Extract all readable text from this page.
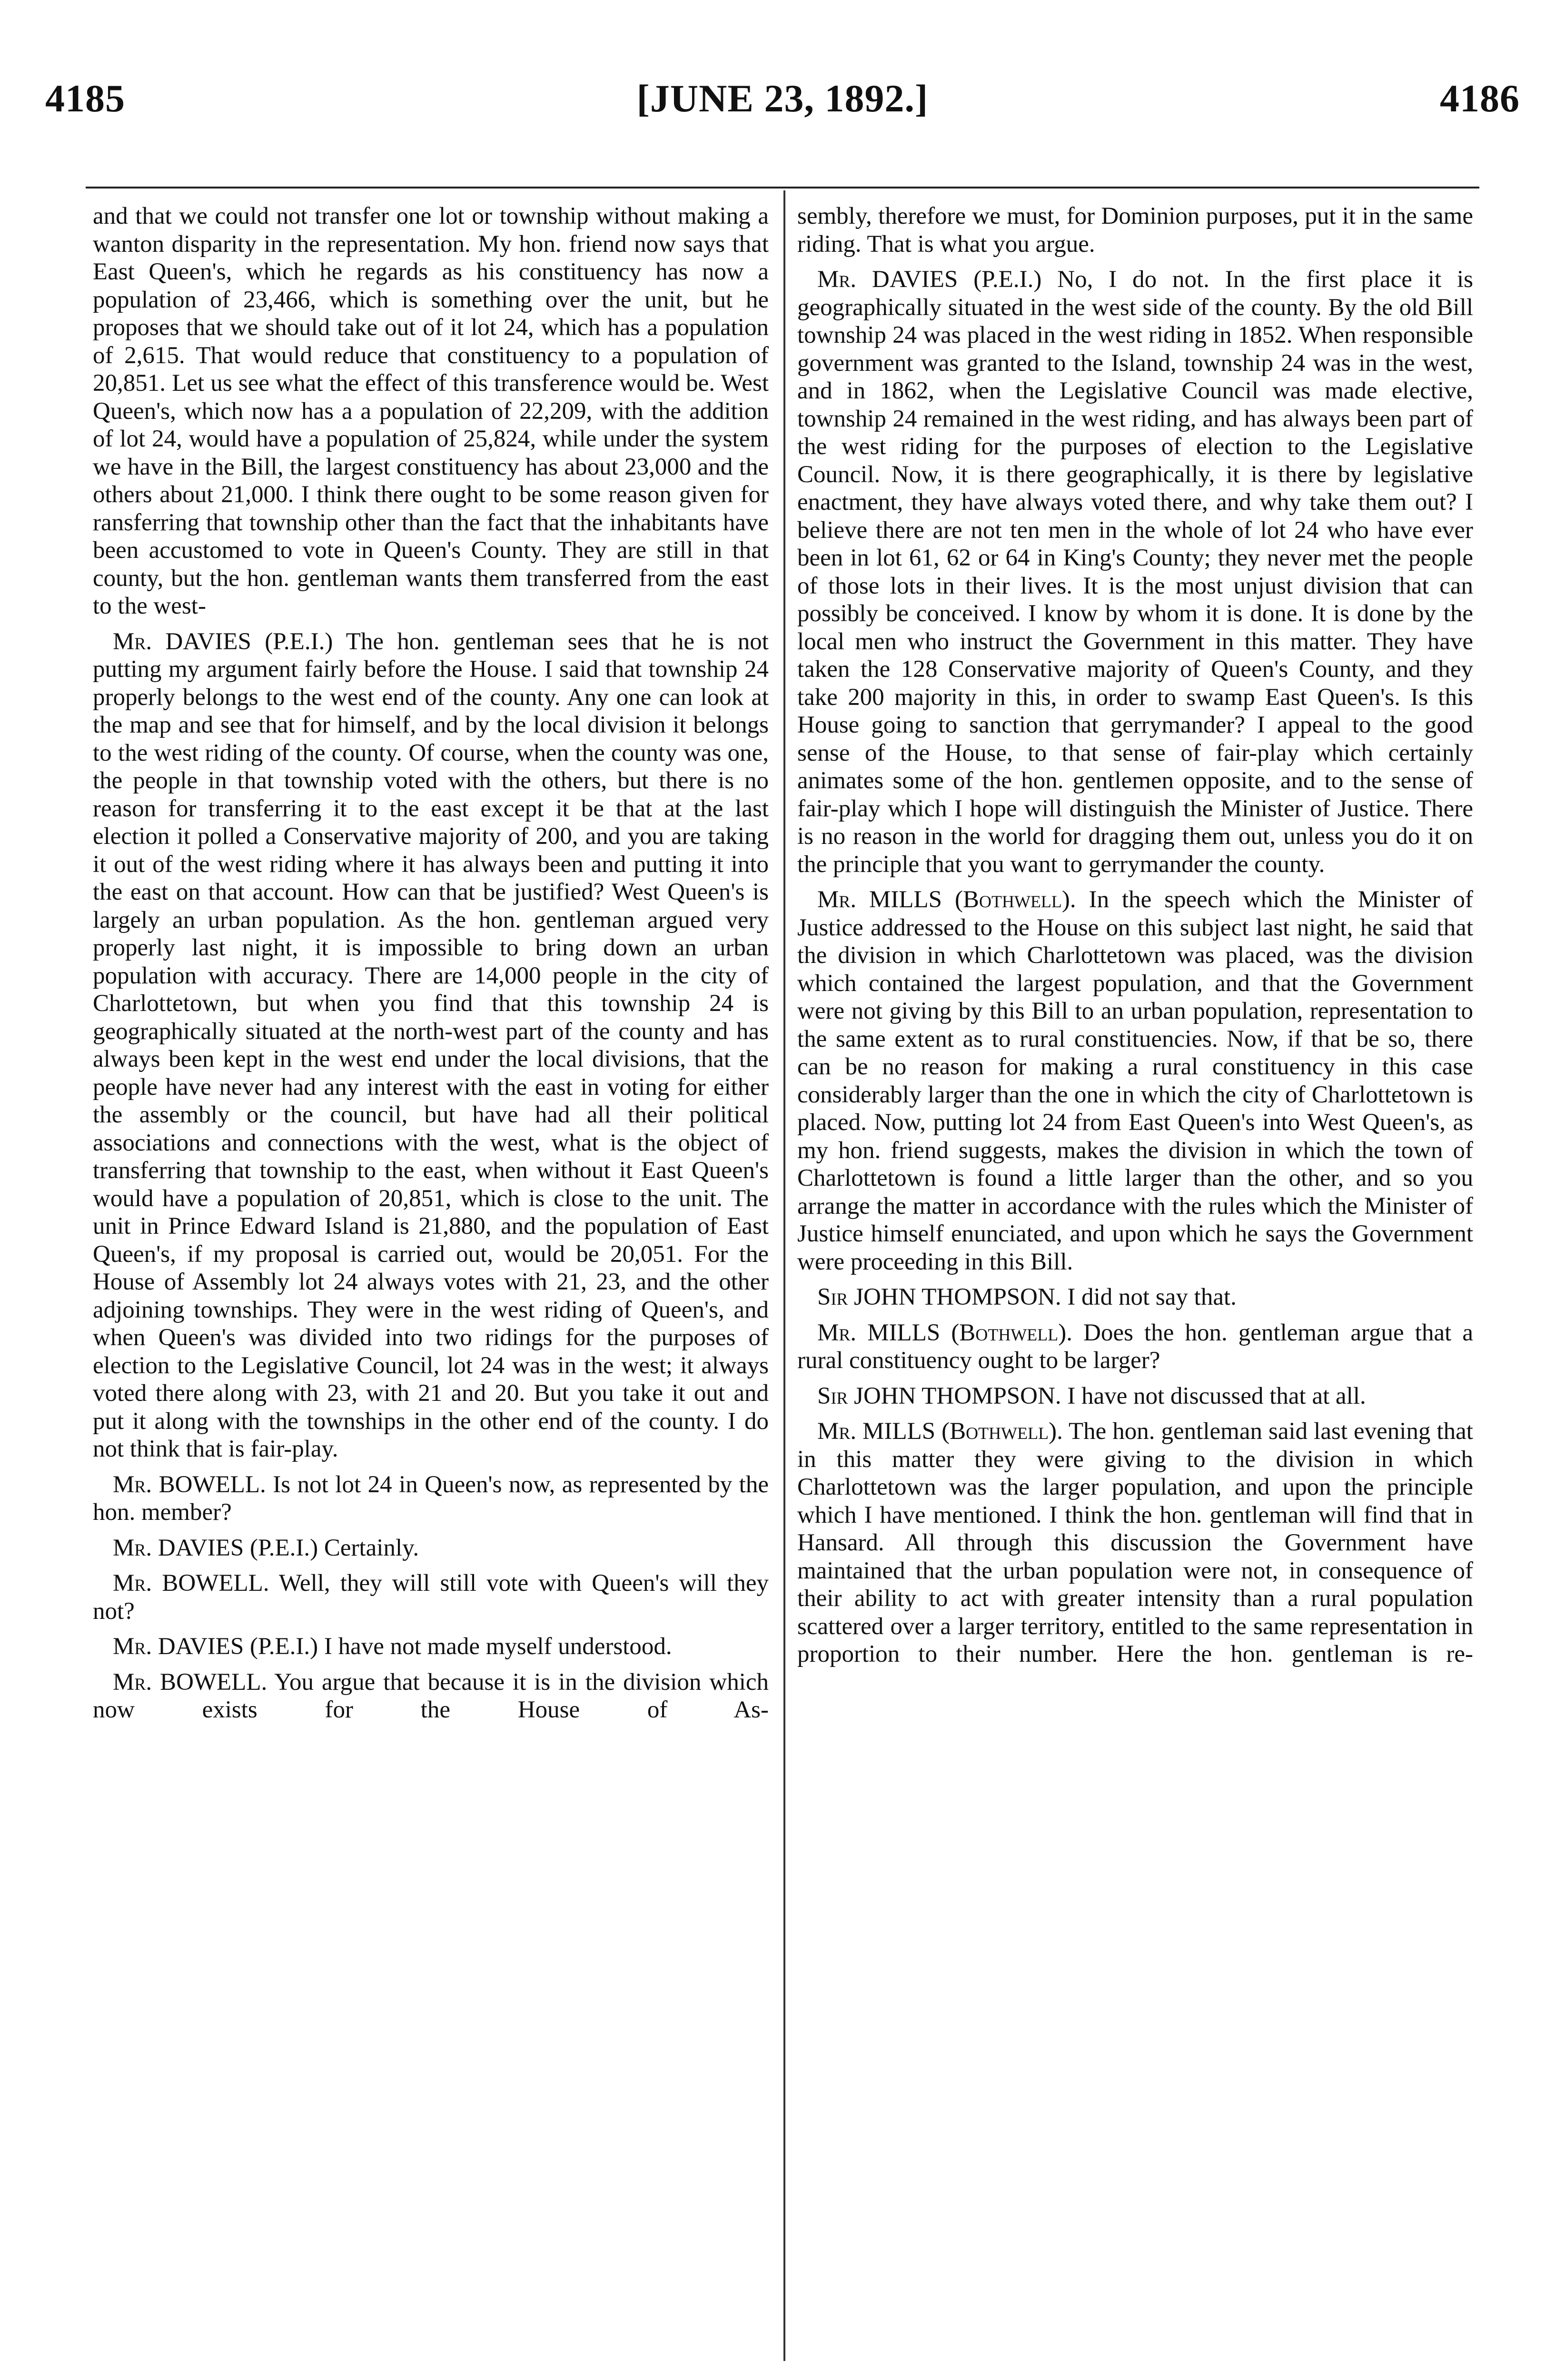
4185	[JUNE 23, 1892.]	4186

and that we could not transfer one lot or township without making a wanton disparity in the representation. My hon. friend now says that East Queen's, which he regards as his constituency has now a population of 23,466, which is something over the unit, but he proposes that we should take out of it lot 24, which has a population of 2,615. That would reduce that constituency to a population of 20,851. Let us see what the effect of this transference would be. West Queen's, which now has a a population of 22,209, with the addition of lot 24, would have a population of 25,824, while under the system we have in the Bill, the largest constituency has about 23,000 and the others about 21,000. I think there ought to be some reason given for ransferring that township other than the fact that the inhabitants have been accustomed to vote in Queen's County. They are still in that county, but the hon. gentleman wants them transferred from the east to the west-

Mr. DAVIES (P.E.I.) The hon. gentleman sees that he is not putting my argument fairly before the House. I said that township 24 properly belongs to the west end of the county. Any one can look at the map and see that for himself, and by the local division it belongs to the west riding of the county. Of course, when the county was one, the people in that township voted with the others, but there is no reason for transferring it to the east except it be that at the last election it polled a Conservative majority of 200, and you are taking it out of the west riding where it has always been and putting it into the east on that account. How can that be justified? West Queen's is largely an urban population. As the hon. gentleman argued very properly last night, it is impossible to bring down an urban population with accuracy. There are 14,000 people in the city of Charlottetown, but when you find that this township 24 is geographically situated at the north-west part of the county and has always been kept in the west end under the local divisions, that the people have never had any interest with the east in voting for either the assembly or the council, but have had all their political associations and connections with the west, what is the object of transferring that township to the east, when without it East Queen's would have a population of 20,851, which is close to the unit. The unit in Prince Edward Island is 21,880, and the population of East Queen's, if my proposal is carried out, would be 20,051. For the House of Assembly lot 24 always votes with 21, 23, and the other adjoining townships. They were in the west riding of Queen's, and when Queen's was divided into two ridings for the purposes of election to the Legislative Council, lot 24 was in the west; it always voted there along with 23, with 21 and 20. But you take it out and put it along with the townships in the other end of the county. I do not think that is fair-play.

Mr. BOWELL. Is not lot 24 in Queen's now, as represented by the hon. member?

Mr. DAVIES (P.E.I.) Certainly.

Mr. BOWELL. Well, they will still vote with Queen's will they not?

Mr. DAVIES (P.E.I.) I have not made myself understood.

Mr. BOWELL. You argue that because it is in the division which now exists for the House of As-

sembly, therefore we must, for Dominion purposes, put it in the same riding. That is what you argue.

Mr. DAVIES (P.E.I.) No, I do not. In the first place it is geographically situated in the west side of the county. By the old Bill township 24 was placed in the west riding in 1852. When responsible government was granted to the Island, township 24 was in the west, and in 1862, when the Legislative Council was made elective, township 24 remained in the west riding, and has always been part of the west riding for the purposes of election to the Legislative Council. Now, it is there geographically, it is there by legislative enactment, they have always voted there, and why take them out? I believe there are not ten men in the whole of lot 24 who have ever been in lot 61, 62 or 64 in King's County; they never met the people of those lots in their lives. It is the most unjust division that can possibly be conceived. I know by whom it is done. It is done by the local men who instruct the Government in this matter. They have taken the 128 Conservative majority of Queen's County, and they take 200 majority in this, in order to swamp East Queen's. Is this House going to sanction that gerrymander? I appeal to the good sense of the House, to that sense of fair-play which certainly animates some of the hon. gentlemen opposite, and to the sense of fair-play which I hope will distinguish the Minister of Justice. There is no reason in the world for dragging them out, unless you do it on the principle that you want to gerrymander the county.

Mr. MILLS (Bothwell). In the speech which the Minister of Justice addressed to the House on this subject last night, he said that the division in which Charlottetown was placed, was the division which contained the largest population, and that the Government were not giving by this Bill to an urban population, representation to the same extent as to rural constituencies. Now, if that be so, there can be no reason for making a rural constituency in this case considerably larger than the one in which the city of Charlottetown is placed. Now, putting lot 24 from East Queen's into West Queen's, as my hon. friend suggests, makes the division in which the town of Charlottetown is found a little larger than the other, and so you arrange the matter in accordance with the rules which the Minister of Justice himself enunciated, and upon which he says the Government were proceeding in this Bill.

Sir JOHN THOMPSON. I did not say that.

Mr. MILLS (Bothwell). Does the hon. gentleman argue that a rural constituency ought to be larger?

Sir JOHN THOMPSON. I have not discussed that at all.

Mr. MILLS (Bothwell). The hon. gentleman said last evening that in this matter they were giving to the division in which Charlottetown was the larger population, and upon the principle which I have mentioned. I think the hon. gentleman will find that in Hansard. All through this discussion the Government have maintained that the urban population were not, in consequence of their ability to act with greater intensity than a rural population scattered over a larger territory, entitled to the same representation in proportion to their number. Here the hon. gentleman is re-
